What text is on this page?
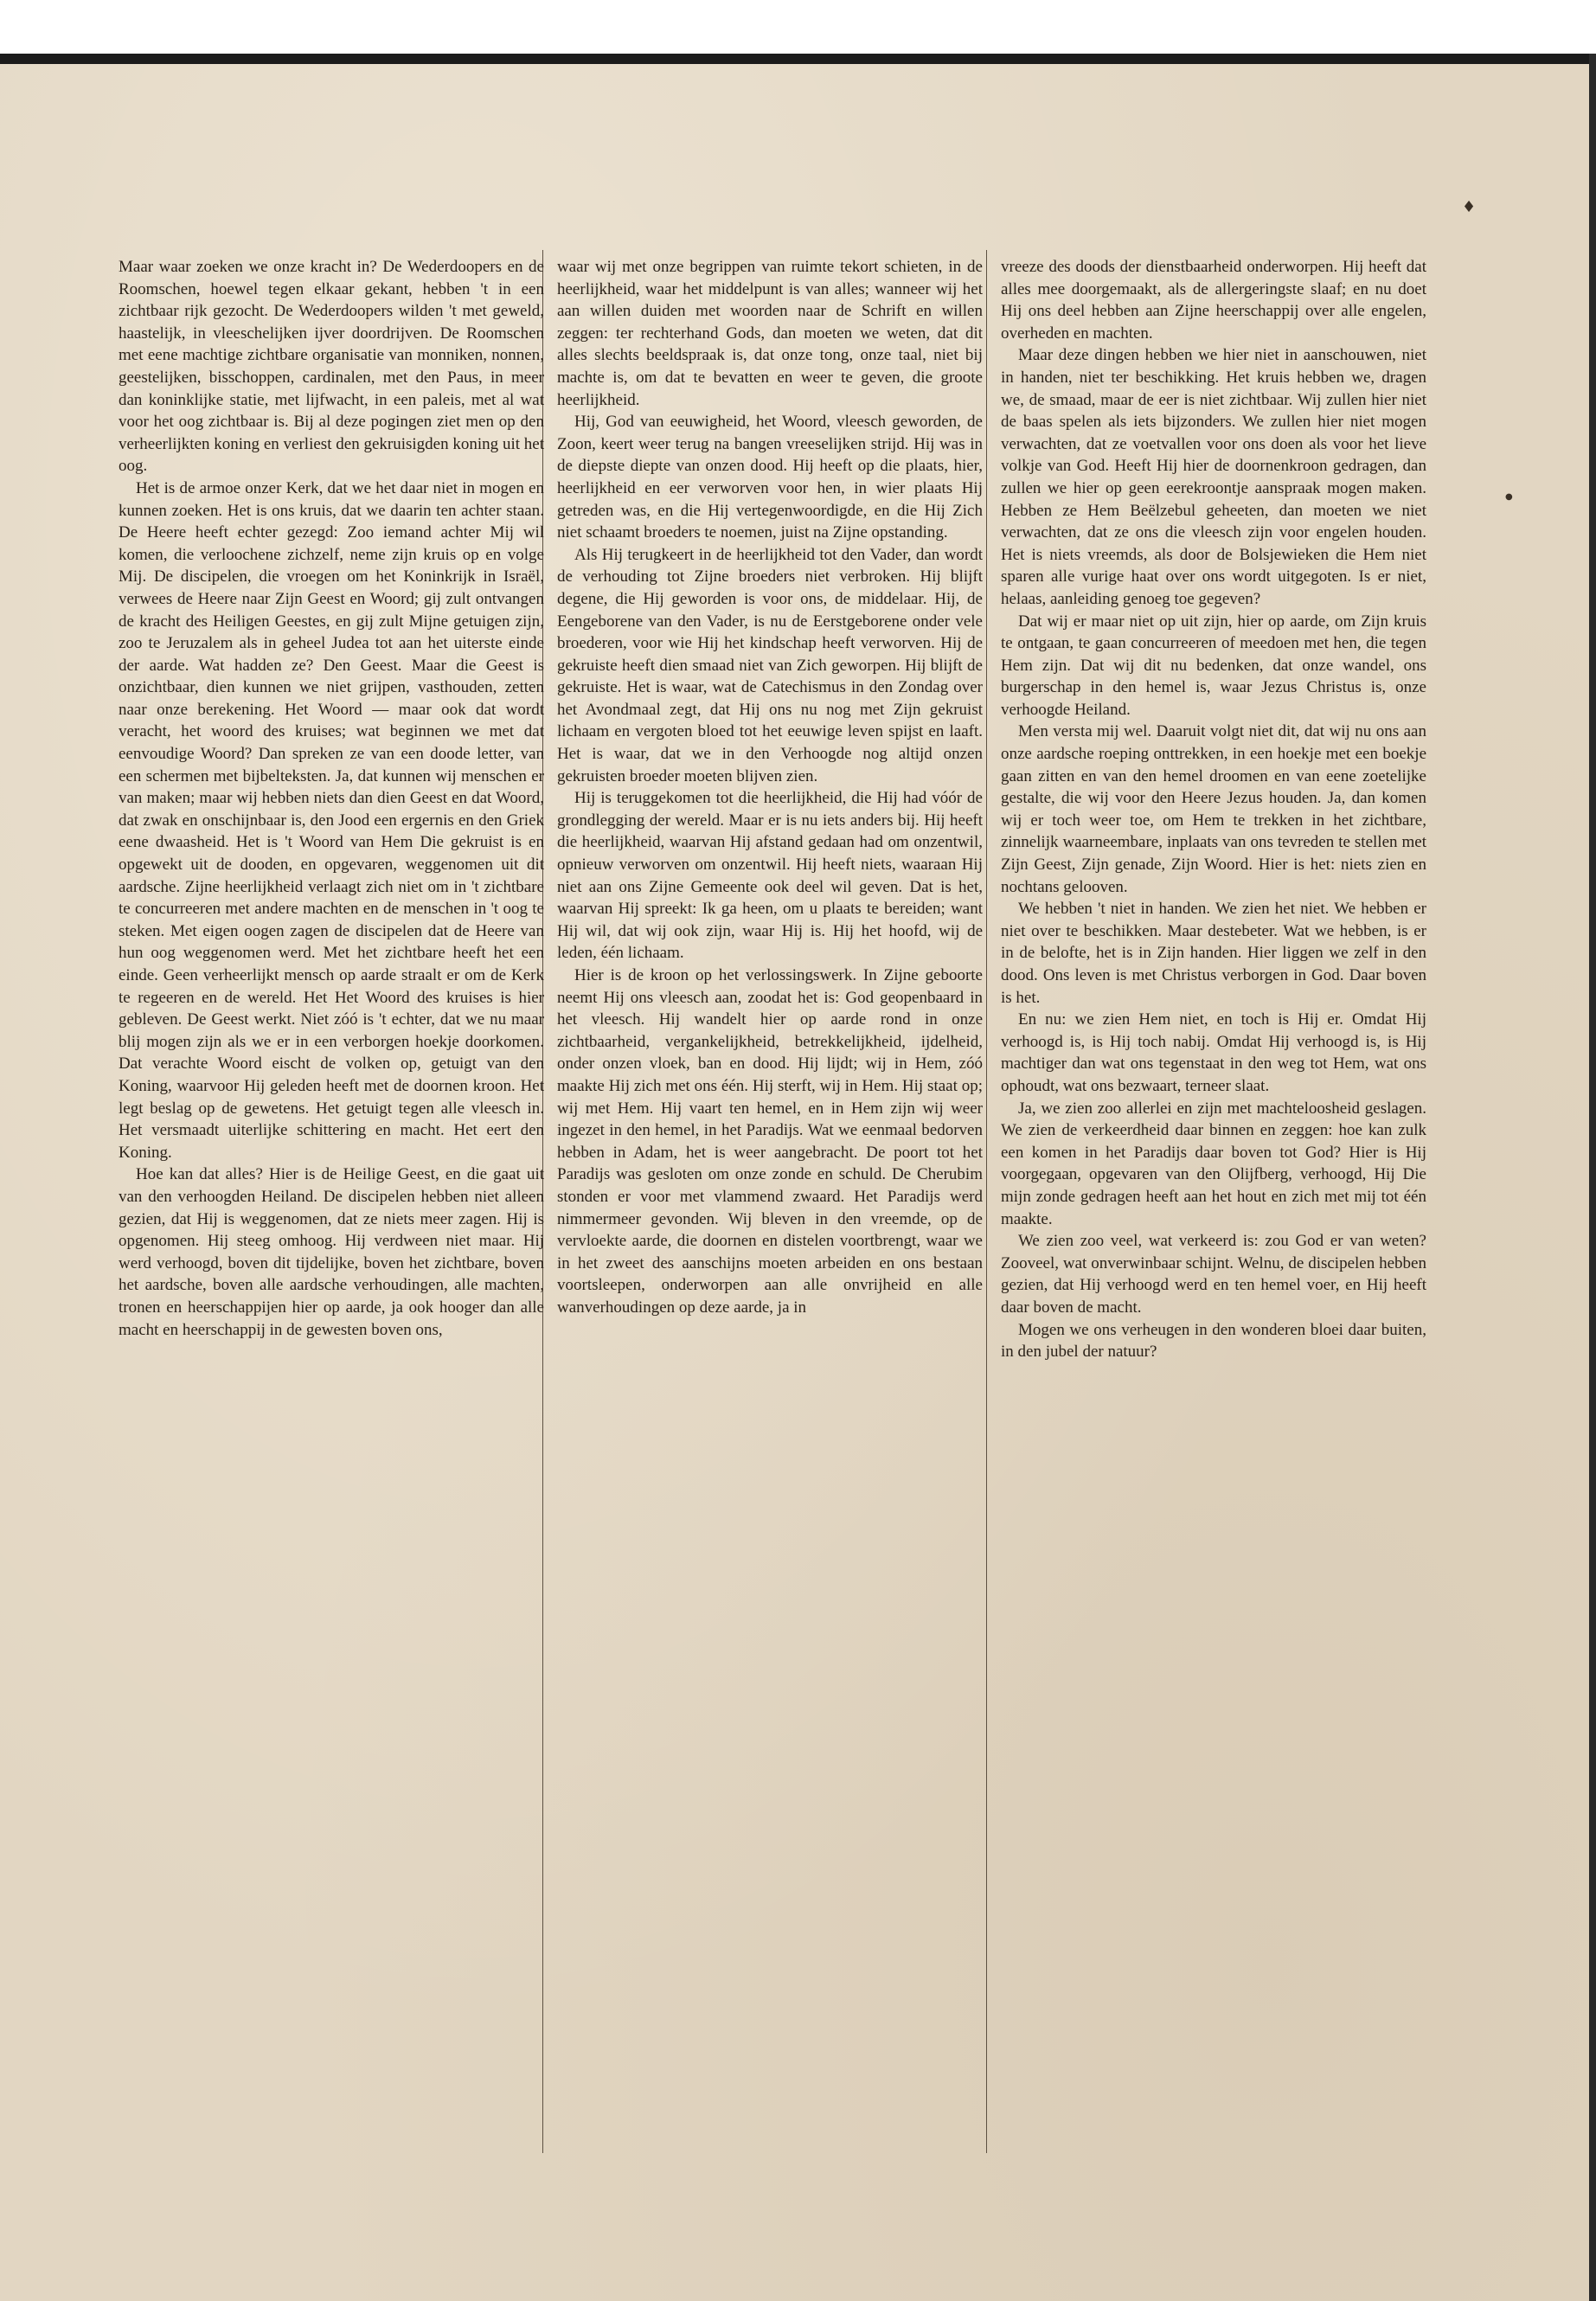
Maar waar zoeken we onze kracht in? De Wederdoopers en de Roomschen, hoewel tegen elkaar gekant, hebben 't in een zichtbaar rijk gezocht. De Wederdoopers wilden 't met geweld, haastelijk, in vleeschelijken ijver doordrijven. De Roomschen met eene machtige zichtbare organisatie van monniken, nonnen, geestelijken, bisschoppen, cardinalen, met den Paus, in meer dan koninklijke statie, met lijfwacht, in een paleis, met al wat voor het oog zichtbaar is. Bij al deze pogingen ziet men op den verheerlijkten koning en verliest den gekruisigden koning uit het oog.

Het is de armoe onzer Kerk, dat we het daar niet in mogen en kunnen zoeken. Het is ons kruis, dat we daarin ten achter staan. De Heere heeft echter gezegd: Zoo iemand achter Mij wil komen, die verloochene zichzelf, neme zijn kruis op en volge Mij. De discipelen, die vroegen om het Koninkrijk in Israël, verwees de Heere naar Zijn Geest en Woord; gij zult ontvangen de kracht des Heiligen Geestes, en gij zult Mijne getuigen zijn, zoo te Jeruzalem als in geheel Judea tot aan het uiterste einde der aarde. Wat hadden ze? Den Geest. Maar die Geest is onzichtbaar, dien kunnen we niet grijpen, vasthouden, zetten naar onze berekening. Het Woord — maar ook dat wordt veracht, het woord des kruises; wat beginnen we met dat eenvoudige Woord? Dan spreken ze van een doode letter, van een schermen met bijbelteksten. Ja, dat kunnen wij menschen er van maken; maar wij hebben niets dan dien Geest en dat Woord, dat zwak en onschijnbaar is, den Jood een ergernis en den Griek eene dwaasheid. Het is 't Woord van Hem Die gekruist is en opgewekt uit de dooden, en opgevaren, weggenomen uit dit aardsche. Zijne heerlijkheid verlaagt zich niet om in 't zichtbare te concurreeren met andere machten en de menschen in 't oog te steken. Met eigen oogen zagen de discipelen dat de Heere van hun oog weggenomen werd. Met het zichtbare heeft het een einde. Geen verheerlijkt mensch op aarde straalt er om de Kerk te regeeren en de wereld. Het Het Woord des kruises is hier gebleven. De Geest werkt. Niet zóó is 't echter, dat we nu maar blij mogen zijn als we er in een verborgen hoekje doorkomen. Dat verachte Woord eischt de volken op, getuigt van den Koning, waarvoor Hij geleden heeft met de doornen kroon. Het legt beslag op de gewetens. Het getuigt tegen alle vleesch in. Het versmaadt uiterlijke schittering en macht. Het eert den Koning.

Hoe kan dat alles? Hier is de Heilige Geest, en die gaat uit van den verhoogden Heiland. De discipelen hebben niet alleen gezien, dat Hij is weggenomen, dat ze niets meer zagen. Hij is opgenomen. Hij steeg omhoog. Hij verdween niet maar. Hij werd verhoogd, boven dit tijdelijke, boven het zichtbare, boven het aardsche, boven alle aardsche verhoudingen, alle machten, tronen en heerschappijen hier op aarde, ja ook hooger dan alle macht en heerschappij in de gewesten boven ons,

waar wij met onze begrippen van ruimte tekort schieten, in de heerlijkheid, waar het middelpunt is van alles; wanneer wij het aan willen duiden met woorden naar de Schrift en willen zeggen: ter rechterhand Gods, dan moeten we weten, dat dit alles slechts beeldspraak is, dat onze tong, onze taal, niet bij machte is, om dat te bevatten en weer te geven, die groote heerlijkheid.

Hij, God van eeuwigheid, het Woord, vleesch geworden, de Zoon, keert weer terug na bangen vreeselijken strijd. Hij was in de diepste diepte van onzen dood. Hij heeft op die plaats, hier, heerlijkheid en eer verworven voor hen, in wier plaats Hij getreden was, en die Hij vertegenwoordigde, en die Hij Zich niet schaamt broeders te noemen, juist na Zijne opstanding.

Als Hij terugkeert in de heerlijkheid tot den Vader, dan wordt de verhouding tot Zijne broeders niet verbroken. Hij blijft degene, die Hij geworden is voor ons, de middelaar. Hij, de Eengeborene van den Vader, is nu de Eerstgeborene onder vele broederen, voor wie Hij het kindschap heeft verworven. Hij de gekruiste heeft dien smaad niet van Zich geworpen. Hij blijft de gekruiste. Het is waar, wat de Catechismus in den Zondag over het Avondmaal zegt, dat Hij ons nu nog met Zijn gekruist lichaam en vergoten bloed tot het eeuwige leven spijst en laaft. Het is waar, dat we in den Verhoogde nog altijd onzen gekruisten broeder moeten blijven zien.

Hij is teruggekomen tot die heerlijkheid, die Hij had vóór de grondlegging der wereld. Maar er is nu iets anders bij. Hij heeft die heerlijkheid, waarvan Hij afstand gedaan had om onzentwil, opnieuw verworven om onzentwil. Hij heeft niets, waaraan Hij niet aan ons Zijne Gemeente ook deel wil geven. Dat is het, waarvan Hij spreekt: Ik ga heen, om u plaats te bereiden; want Hij wil, dat wij ook zijn, waar Hij is. Hij het hoofd, wij de leden, één lichaam.

Hier is de kroon op het verlossingswerk. In Zijne geboorte neemt Hij ons vleesch aan, zoodat het is: God geopenbaard in het vleesch. Hij wandelt hier op aarde rond in onze zichtbaarheid, vergankelijkheid, betrekkelijkheid, ijdelheid, onder onzen vloek, ban en dood. Hij lijdt; wij in Hem, zóó maakte Hij zich met ons één. Hij sterft, wij in Hem. Hij staat op; wij met Hem. Hij vaart ten hemel, en in Hem zijn wij weer ingezet in den hemel, in het Paradijs. Wat we eenmaal bedorven hebben in Adam, het is weer aangebracht. De poort tot het Paradijs was gesloten om onze zonde en schuld. De Cherubim stonden er voor met vlammend zwaard. Het Paradijs werd nimmermeer gevonden. Wij bleven in den vreemde, op de vervloekte aarde, die doornen en distelen voortbrengt, waar we in het zweet des aanschijns moeten arbeiden en ons bestaan voortsleepen, onderworpen aan alle onvrijheid en alle wanverhoudingen op deze aarde, ja in

vreeze des doods der dienstbaarheid onderworpen. Hij heeft dat alles mee doorgemaakt, als de allergeringste slaaf; en nu doet Hij ons deel hebben aan Zijne heerschappij over alle engelen, overheden en machten.

Maar deze dingen hebben we hier niet in aanschouwen, niet in handen, niet ter beschikking. Het kruis hebben we, dragen we, de smaad, maar de eer is niet zichtbaar. Wij zullen hier niet de baas spelen als iets bijzonders. We zullen hier niet mogen verwachten, dat ze voetvallen voor ons doen als voor het lieve volkje van God. Heeft Hij hier de doornenkroon gedragen, dan zullen we hier op geen eerekroontje aanspraak mogen maken. Hebben ze Hem Beëlzebul geheeten, dan moeten we niet verwachten, dat ze ons die vleesch zijn voor engelen houden. Het is niets vreemds, als door de Bolsjewieken die Hem niet sparen alle vurige haat over ons wordt uitgegoten. Is er niet, helaas, aanleiding genoeg toe gegeven?

Dat wij er maar niet op uit zijn, hier op aarde, om Zijn kruis te ontgaan, te gaan concurreeren of meedoen met hen, die tegen Hem zijn. Dat wij dit nu bedenken, dat onze wandel, ons burgerschap in den hemel is, waar Jezus Christus is, onze verhoogde Heiland.

Men versta mij wel. Daaruit volgt niet dit, dat wij nu ons aan onze aardsche roeping onttrekken, in een hoekje met een boekje gaan zitten en van den hemel droomen en van eene zoetelijke gestalte, die wij voor den Heere Jezus houden. Ja, dan komen wij er toch weer toe, om Hem te trekken in het zichtbare, zinnelijk waarneembare, inplaats van ons tevreden te stellen met Zijn Geest, Zijn genade, Zijn Woord. Hier is het: niets zien en nochtans gelooven.

We hebben 't niet in handen. We zien het niet. We hebben er niet over te beschikken. Maar destebeter. Wat we hebben, is er in de belofte, het is in Zijn handen. Hier liggen we zelf in den dood. Ons leven is met Christus verborgen in God. Daar boven is het.

En nu: we zien Hem niet, en toch is Hij er. Omdat Hij verhoogd is, is Hij toch nabij. Omdat Hij verhoogd is, is Hij machtiger dan wat ons tegenstaat in den weg tot Hem, wat ons ophoudt, wat ons bezwaart, terneer slaat.

Ja, we zien zoo allerlei en zijn met machteloosheid geslagen. We zien de verkeerdheid daar binnen en zeggen: hoe kan zulk een komen in het Paradijs daar boven tot God? Hier is Hij voorgegaan, opgevaren van den Olijfberg, verhoogd, Hij Die mijn zonde gedragen heeft aan het hout en zich met mij tot één maakte.

We zien zoo veel, wat verkeerd is: zou God er van weten? Zooveel, wat onverwinbaar schijnt. Welnu, de discipelen hebben gezien, dat Hij verhoogd werd en ten hemel voer, en Hij heeft daar boven de macht.

Mogen we ons verheugen in den wonderen bloei daar buiten, in den jubel der natuur?

♦
●
